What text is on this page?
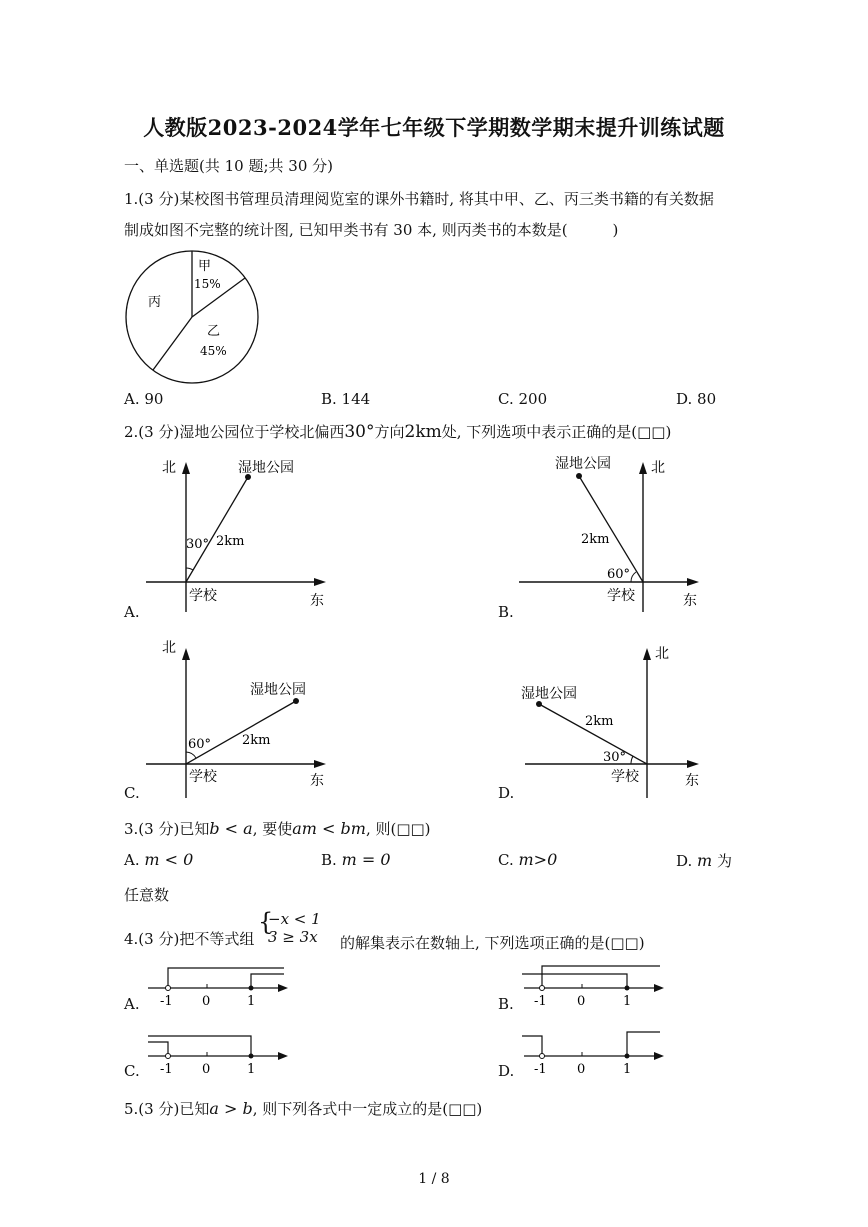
人教版2023-2024学年七年级下学期数学期末提升训练试题
一、单选题(共 10 题;共 30 分)
1.(3 分)某校图书管理员清理阅览室的课外书籍时, 将其中甲、乙、丙三类书籍的有关数据
制成如图不完整的统计图, 已知甲类书有 30 本, 则丙类书的本数是(　　　)
甲
15%
丙
乙
45%
A. 90	B. 144	C. 200	D. 80
2.(3 分)湿地公园位于学校北偏西30°方向2km处, 下列选项中表示正确的是(□□)
北	湿地公园
2km
30°
学校	东
A.
北
湿地公园
2km
60°
学校	东
B.
北
湿地公园
2km
60°
学校	东
C.
北
湿地公园
2km
30°
学校	东
D.
3.(3 分)已知b < a, 要使am < bm, 则(□□)
A. m < 0	B. m = 0	C. m>0	D. m 为
任意数
4.(3 分)把不等式组
{
−x < 1
3 ≥ 3x 的解集表示在数轴上, 下列选项正确的是(□□)
-1 0	1
A.	-1 0	1
B.
-1 0	1
C.	-1 0	1
D.
5.(3 分)已知a > b, 则下列各式中一定成立的是(□□)
1 / 8
